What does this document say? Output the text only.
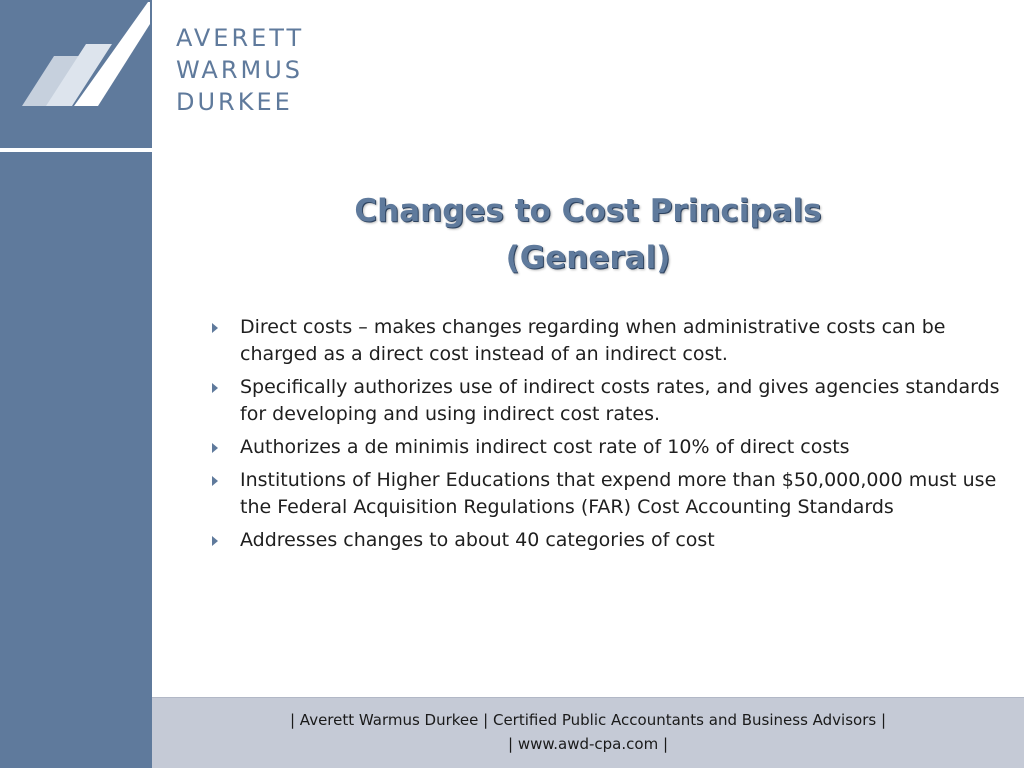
AVERETT
WARMUS
DURKEE
Changes to Cost Principals
(General)
Direct costs – makes changes regarding when administrative costs can be charged as a direct cost instead of an indirect cost.
Specifically authorizes use of indirect costs rates, and gives agencies standards for developing and using indirect cost rates.
Authorizes a de minimis indirect cost rate of 10% of direct costs
Institutions of Higher Educations that expend more than $50,000,000 must use the Federal Acquisition Regulations (FAR) Cost Accounting Standards
Addresses changes to about 40 categories of cost
| Averett Warmus Durkee | Certified Public Accountants and Business Advisors |
| www.awd-cpa.com |
